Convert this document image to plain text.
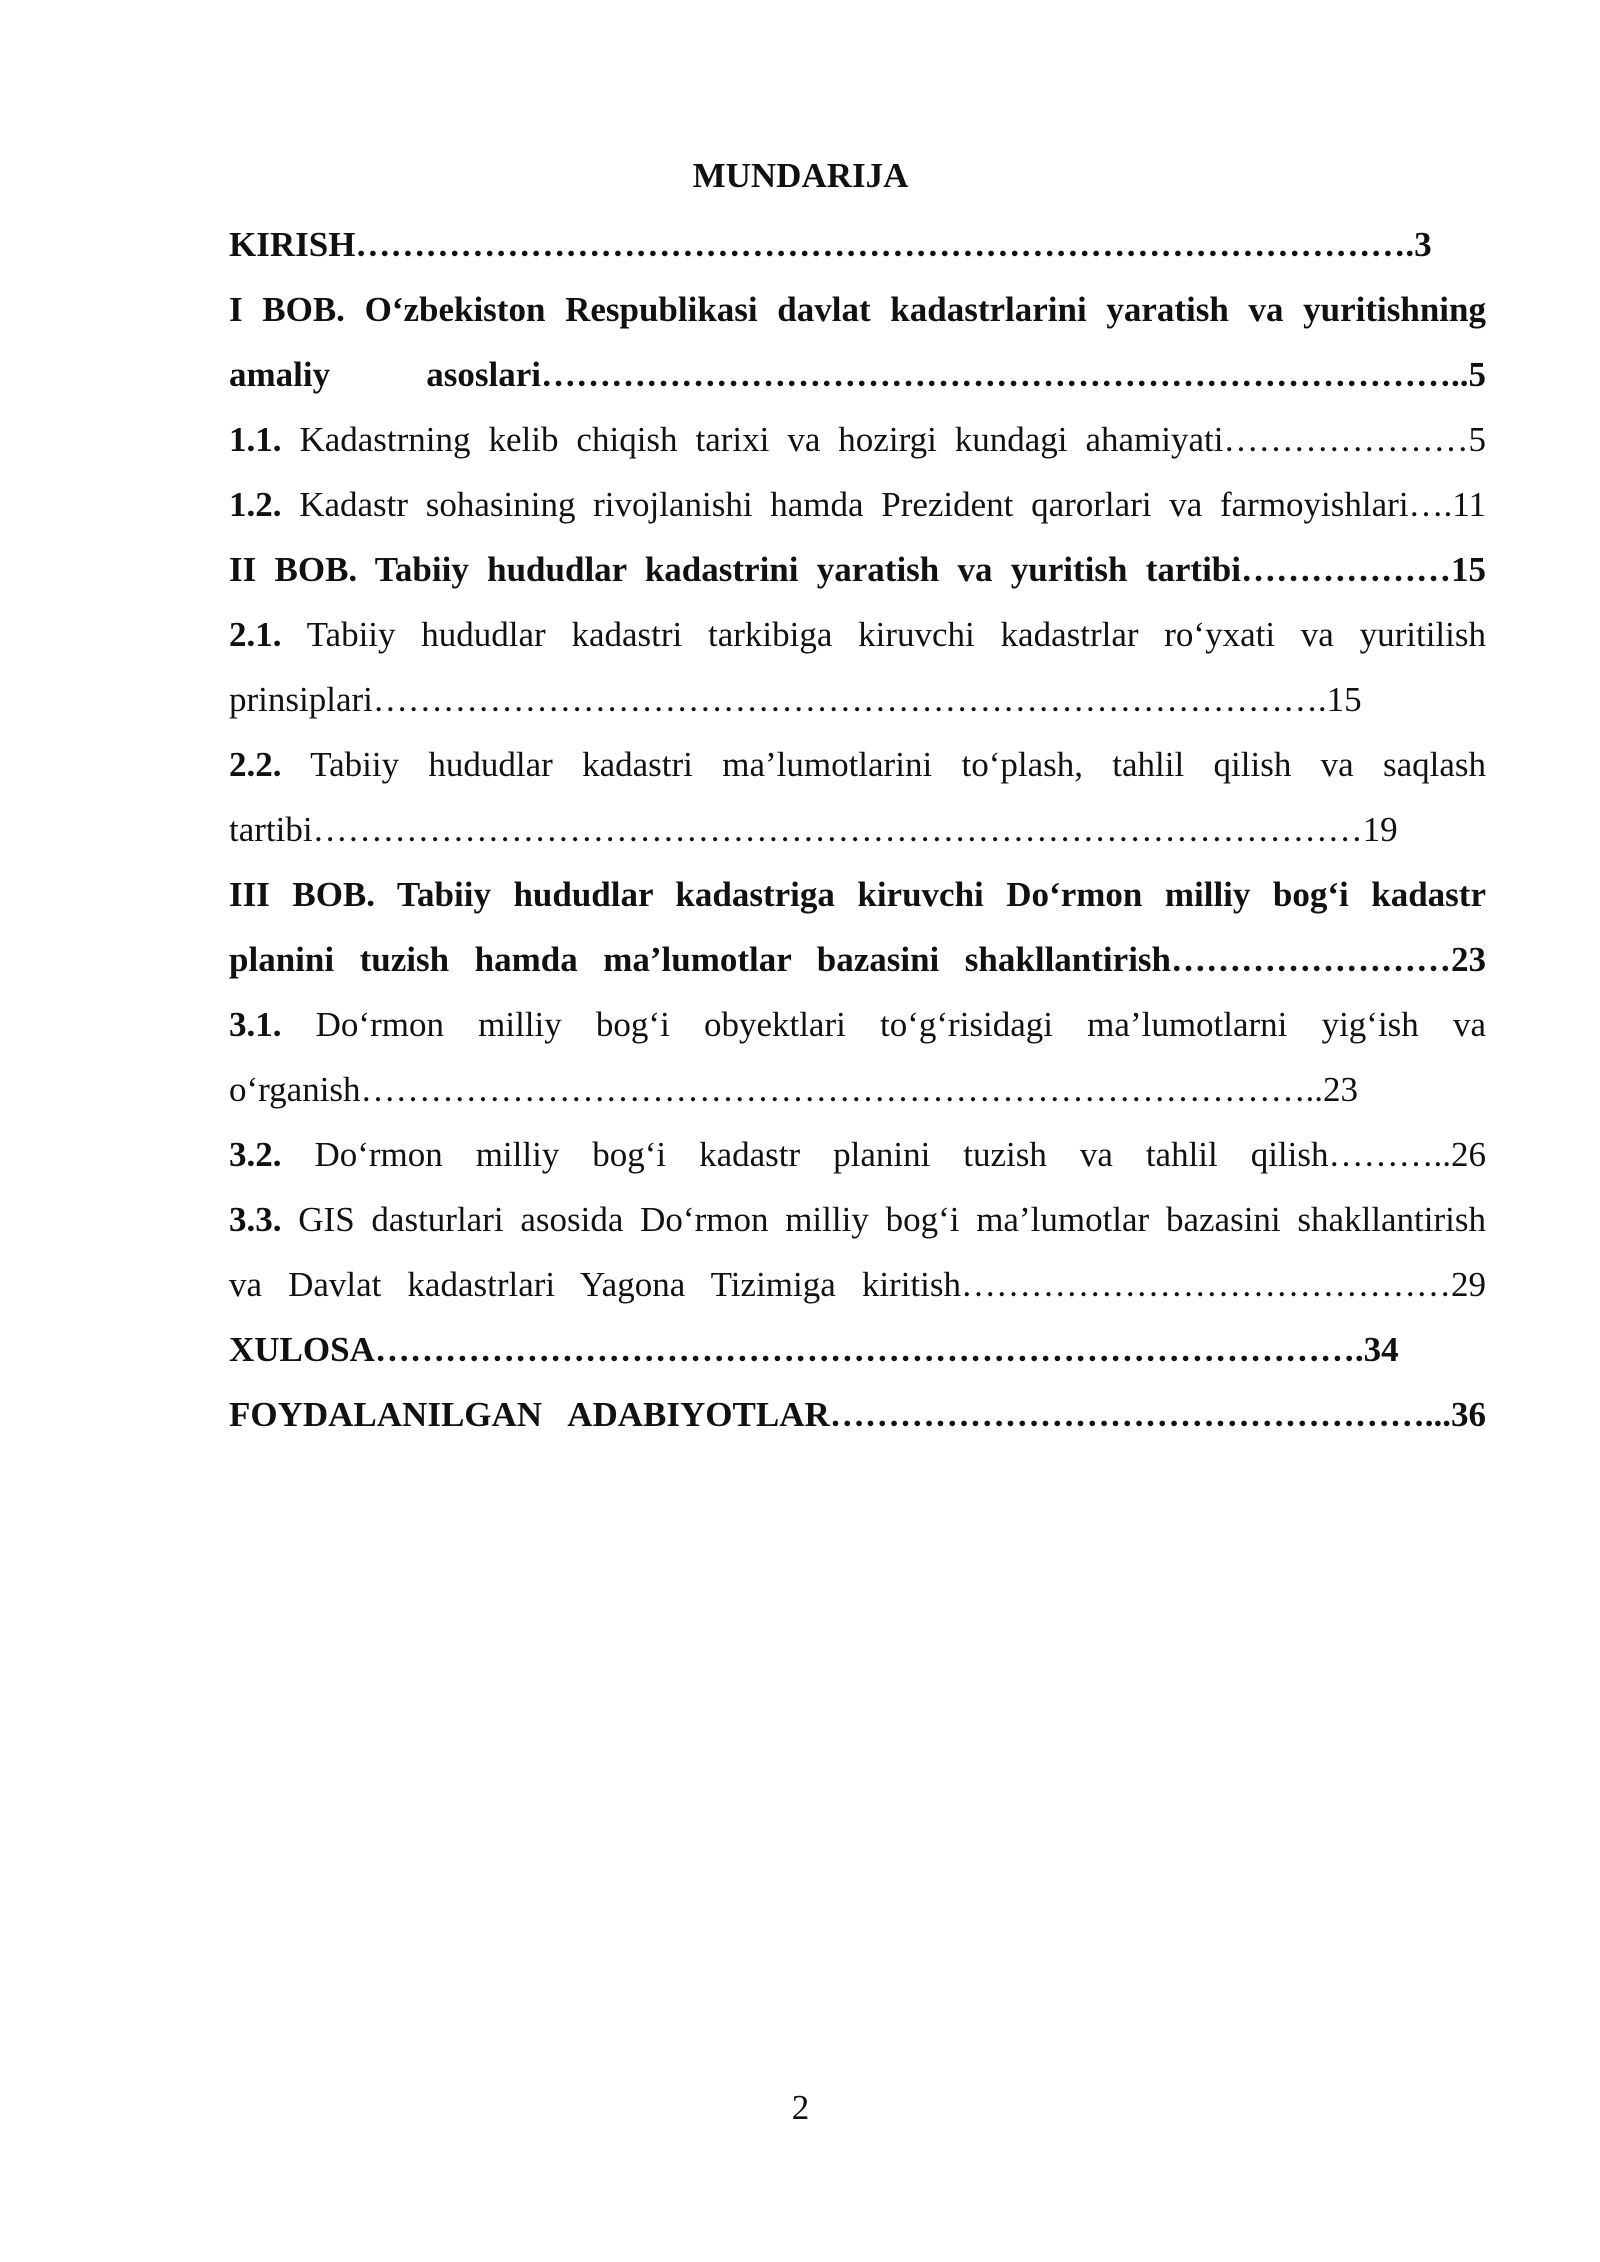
MUNDARIJA
KIRISH……………………………………………………………………………….3
I BOB. O‘zbekiston Respublikasi davlat kadastrlarini yaratish va yuritishning
amaliy asoslari……………………………………………………………………..5
1.1. Kadastrning kelib chiqish tarixi va hozirgi kundagi ahamiyati…………………5
1.2. Kadastr sohasining rivojlanishi hamda Prezident qarorlari va farmoyishlari….11
II BOB. Tabiiy hududlar kadastrini yaratish va yuritish tartibi………………15
2.1. Tabiiy hududlar kadastri tarkibiga kiruvchi kadastrlar ro‘yxati va yuritilish
prinsiplari……………………………………………………………………….15
2.2. Tabiiy hududlar kadastri ma’lumotlarini to‘plash, tahlil qilish va saqlash
tartibi………………………………………………………………………………19
III BOB. Tabiiy hududlar kadastriga kiruvchi Do‘rmon milliy bog‘i kadastr
planini tuzish hamda ma’lumotlar bazasini shakllantirish……………………23
3.1. Do‘rmon milliy bog‘i obyektlari to‘g‘risidagi ma’lumotlarni yig‘ish va
o‘rganish………………………………………………………………………..23
3.2. Do‘rmon milliy bog‘i kadastr planini tuzish va tahlil qilish………..26
3.3. GIS dasturlari asosida Do‘rmon milliy bog‘i ma’lumotlar bazasini shakllantirish
va Davlat kadastrlari Yagona Tizimiga kiritish……………………………………29
XULOSA………………………………………………………………………….34
FOYDALANILGAN ADABIYOTLAR……………………………………………...36
2
